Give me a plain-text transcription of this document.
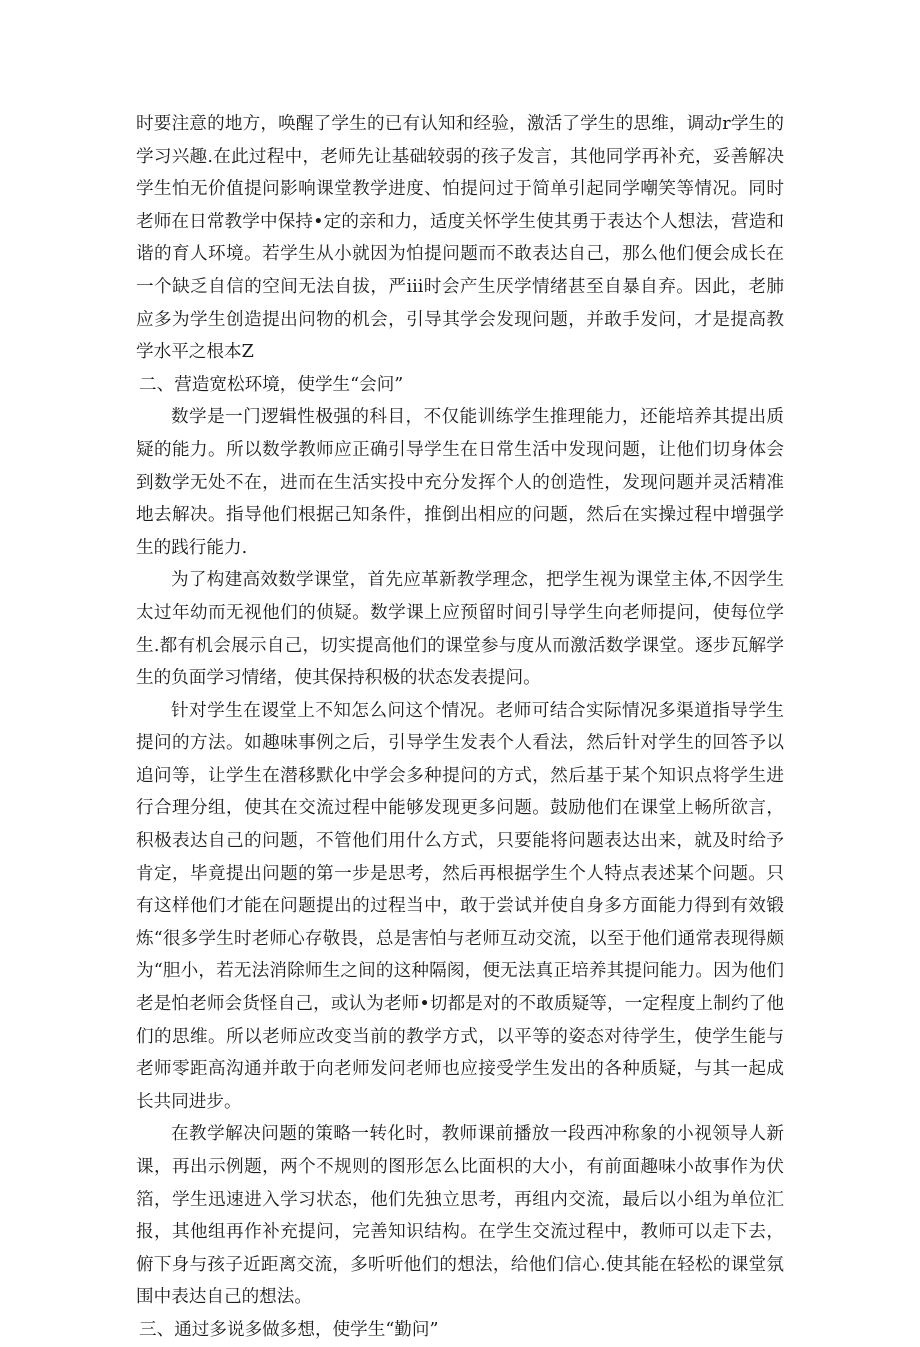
时要注意的地方，唤醒了学生的已有认知和经验，激活了学生的思维，调动r学生的学习兴趣.在此过程中，老师先让基础较弱的孩子发言，其他同学再补充，妥善解决学生怕无价值提问影响课堂教学进度、怕提问过于简单引起同学嘲笑等情况。同时老师在日常教学中保持•定的亲和力，适度关怀学生使其勇于表达个人想法，营造和谐的育人环境。若学生从小就因为怕提问题而不敢表达自己，那么他们便会成长在一个缺乏自信的空间无法自拔，严iii时会产生厌学情绪甚至自暴自弃。因此，老肺应多为学生创造提出问物的机会，引导其学会发现问题，并敢手发问，才是提高教学水平之根本Z

二、营造宽松环境，使学生“会问”

数学是一门逻辑性极强的科目，不仅能训练学生推理能力，还能培养其提出质疑的能力。所以数学教师应正确引导学生在日常生活中发现问题，让他们切身体会到数学无处不在，进而在生活实投中充分发挥个人的创造性，发现问题并灵活精准地去解决。指导他们根据己知条件，推倒出相应的问题，然后在实操过程中增强学生的践行能力.

为了构建高效数学课堂，首先应革新教学理念，把学生视为课堂主体,不因学生太过年幼而无视他们的侦疑。数学课上应预留时间引导学生向老师提问，使每位学生.都有机会展示自己，切实提高他们的课堂参与度从而激活数学课堂。逐步瓦解学生的负面学习情绪，使其保持积极的状态发表提问。

针对学生在谡堂上不知怎么问这个情况。老师可结合实际情况多渠道指导学生提问的方法。如趣味事例之后，引导学生发表个人看法，然后针对学生的回答予以追问等，让学生在潜移默化中学会多种提问的方式，然后基于某个知识点将学生进行合理分组，使其在交流过程中能够发现更多问题。鼓励他们在课堂上畅所欲言，积极表达自己的问题，不管他们用什么方式，只要能将问题表达出来，就及时给予肯定，毕竟提出问题的第一步是思考，然后再根据学生个人特点表述某个问题。只有这样他们才能在问题提出的过程当中，敢于尝试并使自身多方面能力得到有效锻炼“很多学生时老师心存敬畏，总是害怕与老师互动交流，以至于他们通常表现得颇为“胆小，若无法消除师生之间的这种隔阂，便无法真正培养其提问能力。因为他们老是怕老师会货怪自己，或认为老师•切都是对的不敢质疑等，一定程度上制约了他们的思维。所以老师应改变当前的教学方式，以平等的姿态对待学生，使学生能与老师零距高沟通并敢于向老师发问老师也应接受学生发出的各种质疑，与其一起成长共同进步。

在教学解决问题的策略一转化时，教师课前播放一段西冲称象的小视领导人新课，再出示例题，两个不规则的图形怎么比面枳的大小，有前面趣味小故事作为伏箔，学生迅速进入学习状态，他们先独立思考，再组内交流，最后以小组为单位汇报，其他组再作补充提问，完善知识结构。在学生交流过程中，教师可以走下去，俯下身与孩子近距离交流，多听听他们的想法，给他们信心.使其能在轻松的课堂氛围中表达自己的想法。

三、通过多说多做多想，使学生“勤问”
